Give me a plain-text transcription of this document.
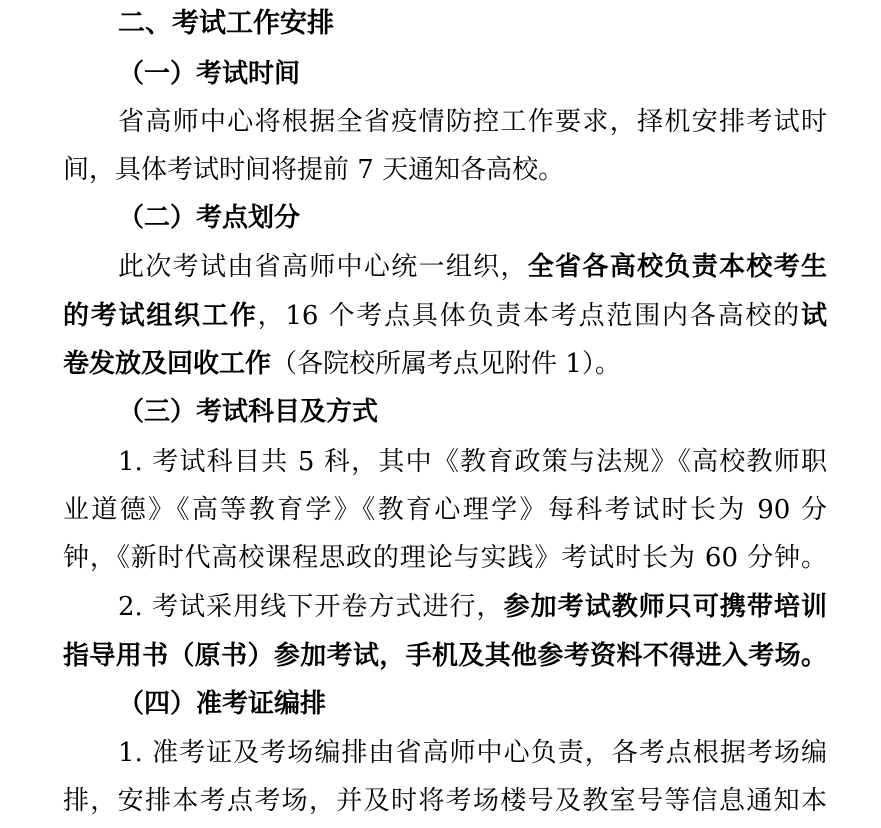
二、考试工作安排
（一）考试时间
省高师中心将根据全省疫情防控工作要求，择机安排考试时
间，具体考试时间将提前 7 天通知各高校。
（二）考点划分
此次考试由省高师中心统一组织，全省各高校负责本校考生
的考试组织工作，16 个考点具体负责本考点范围内各高校的试
卷发放及回收工作（各院校所属考点见附件 1）。
（三）考试科目及方式
1. 考试科目共 5 科，其中《教育政策与法规》《高校教师职
业道德》《高等教育学》《教育心理学》每科考试时长为 90 分
钟，《新时代高校课程思政的理论与实践》考试时长为 60 分钟。
2. 考试采用线下开卷方式进行，参加考试教师只可携带培训
指导用书（原书）参加考试，手机及其他参考资料不得进入考场。
（四）准考证编排
1. 准考证及考场编排由省高师中心负责，各考点根据考场编
排，安排本考点考场，并及时将考场楼号及教室号等信息通知本
